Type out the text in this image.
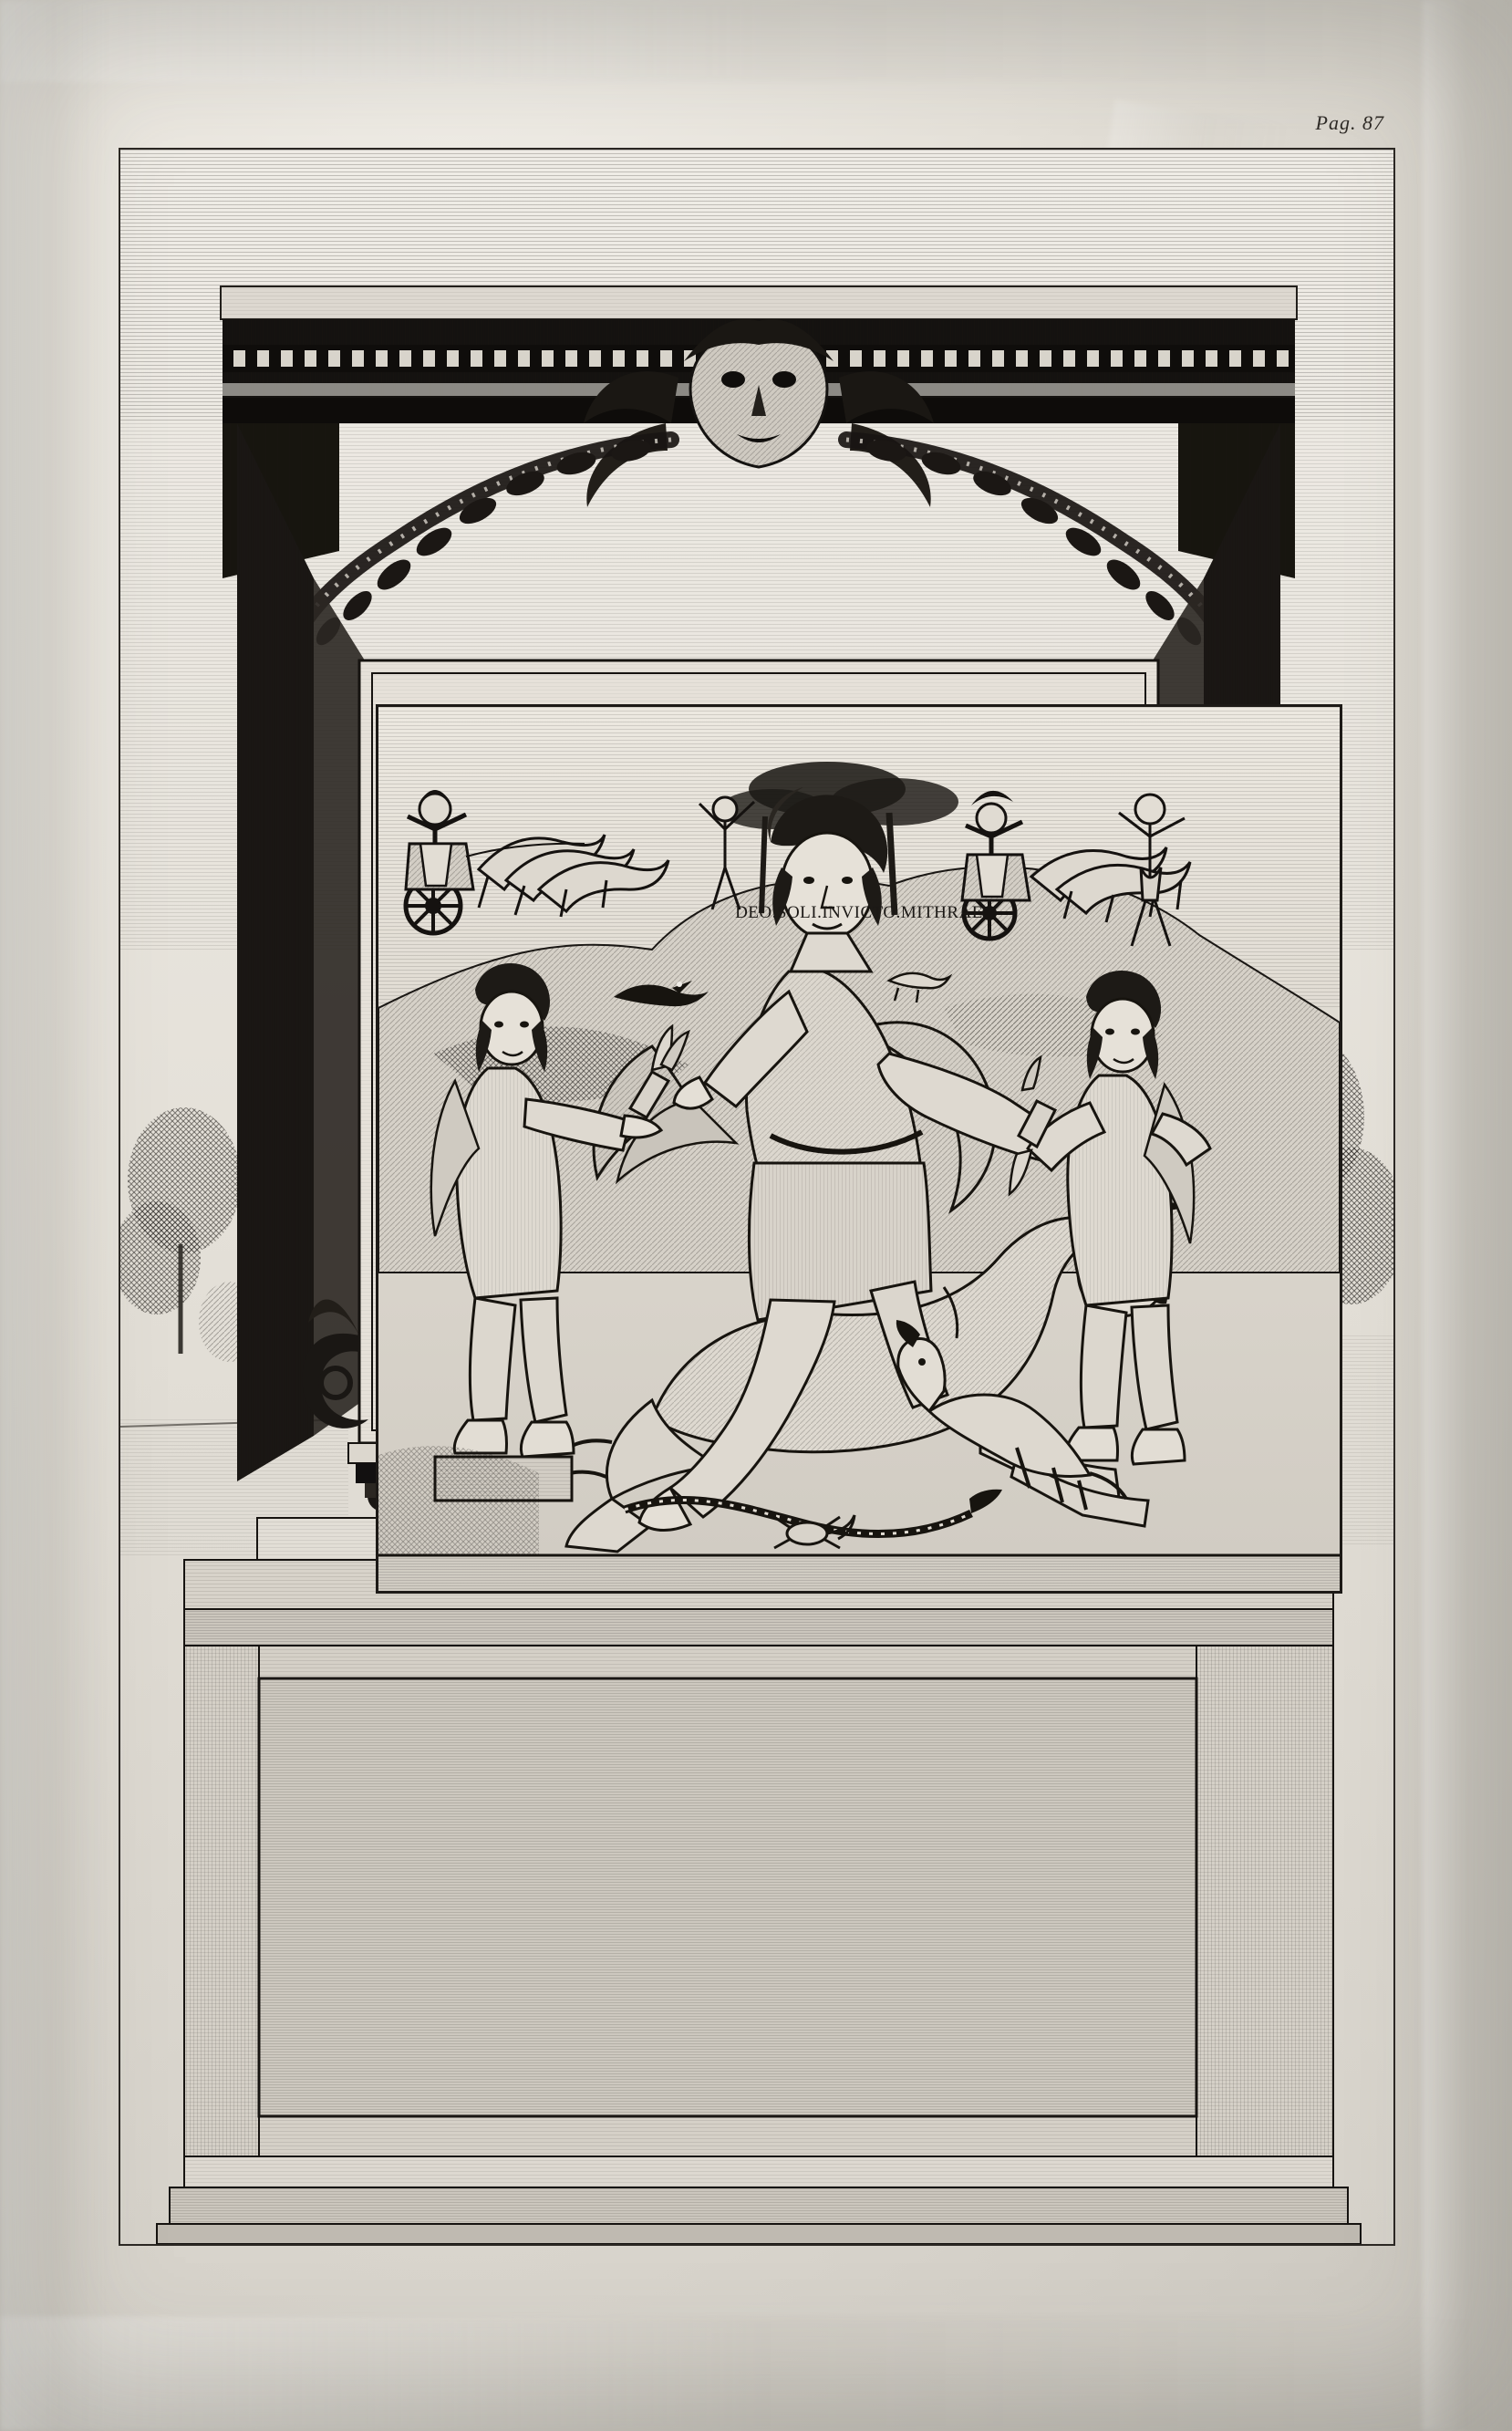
Pag. 87
DEO.SOLI.INVICTO.MITHRAE
